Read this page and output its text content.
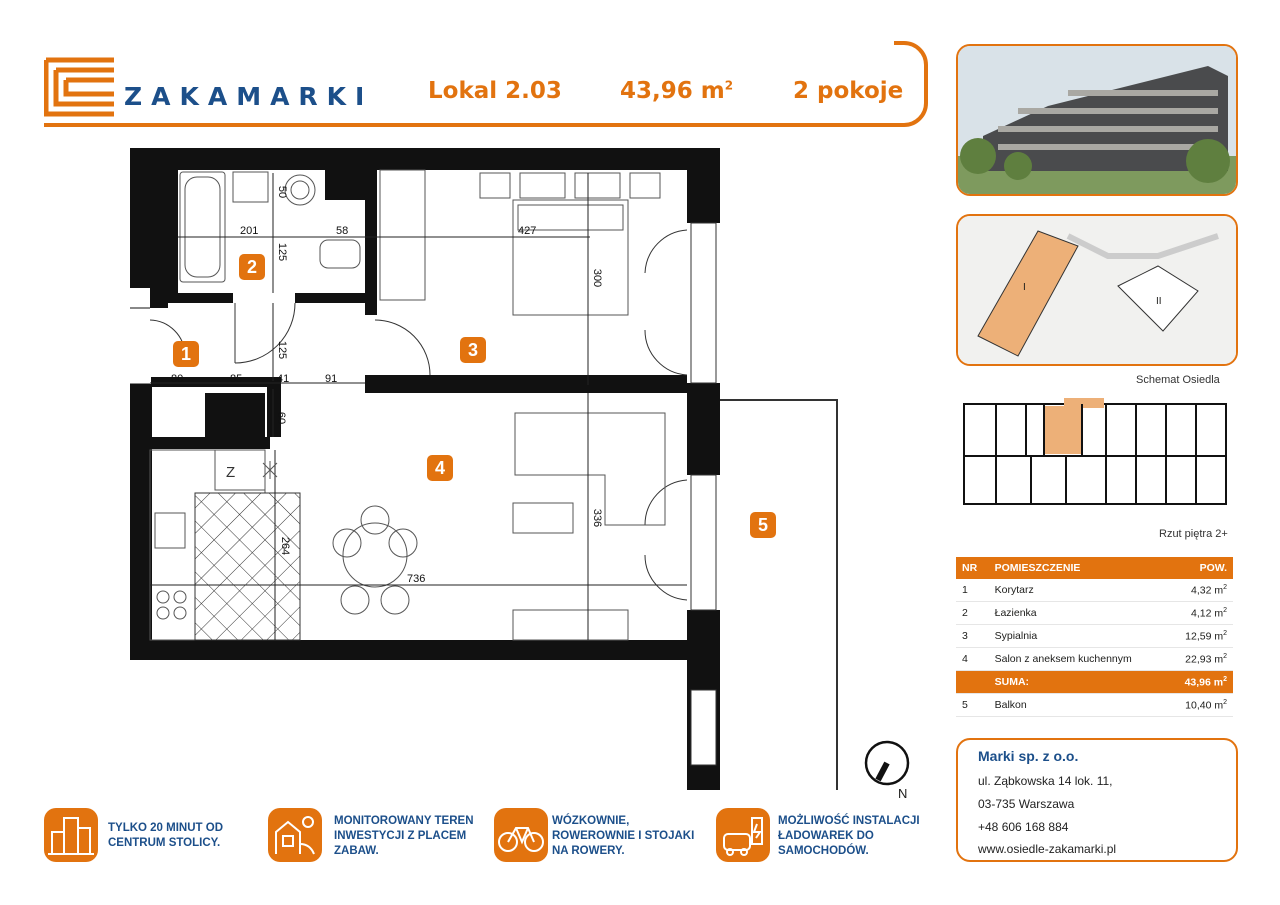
ZAKAMARKI Lokal 2.03	43,96 $m^2$	2 pokoje
2
1	3
4
5
201	58	427
50
125
300
125
80	85	41	91
60
264
336
736
Z
N
I
II
Schemat Osiedla
Rzut piętra 2+
NR	POMIESZCZENIE	POW.
1	Korytarz	4,32 $m^2$
2	Łazienka	4,12 $m^2$
3	Sypialnia	12,59 $m^2$
4	Salon z aneksem kuchennym	22,93 $m^2$
	SUMA:	43,96 $m^2$
5	Balkon	10,40 $m^2$
Marki sp. z o.o.
ul. Ząbkowska 14 lok. 11,
03-735 Warszawa
+48 606 168 884
www.osiedle-zakamarki.pl
TYLKO 20 MINUT OD
CENTRUM STOLICY.
MONITOROWANY TEREN
INWESTYCJI Z PLACEM
ZABAW.
WÓZKOWNIE,
ROWEROWNIE I STOJAKI
NA ROWERY.
MOŻLIWOŚĆ INSTALACJI
ŁADOWAREK DO
SAMOCHODÓW.
